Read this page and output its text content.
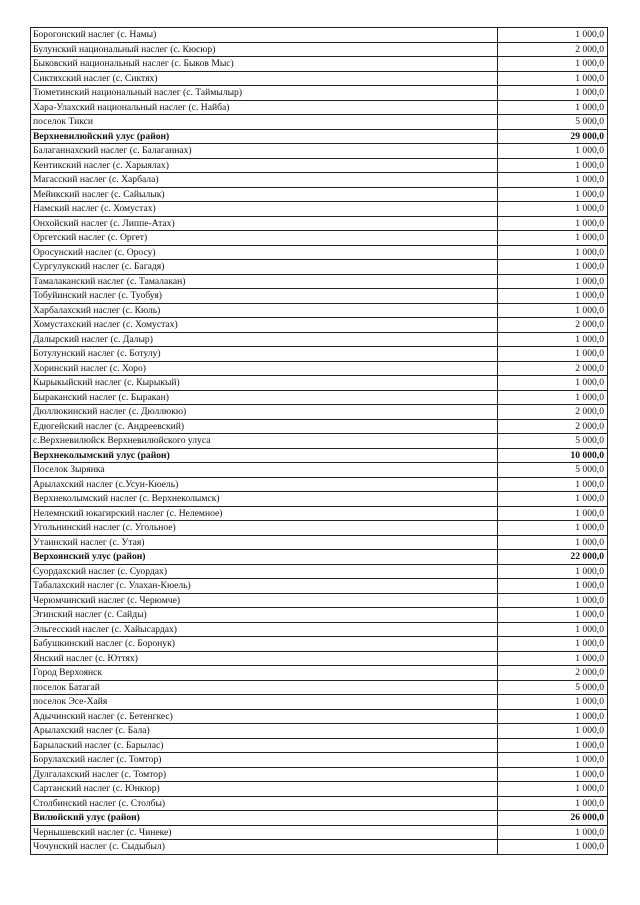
Борогонский наслег (с. Намы)	1 000,0
Булунский национальный наслег (с. Кюсюр)	2 000,0
Быковский национальный наслег (с. Быков Мыс)	1 000,0
Сиктяхский наслег (с. Сиктях)	1 000,0
Тюметинский национальный наслег (с. Таймылыр)	1 000,0
Хара-Улахский национальный наслег (с. Найба)	1 000,0
поселок Тикси	5 000,0
Верхневилюйский улус (район)	29 000,0
Балаганнахский наслег (с. Балаганнах)	1 000,0
Кентикский наслег (с. Харыялах)	1 000,0
Магасский наслег (с. Харбала)	1 000,0
Мейикский наслег (с. Сайылык)	1 000,0
Намский наслег (с. Хомустах)	1 000,0
Онхойский наслег (с. Липпе-Атах)	1 000,0
Оргетский наслег (с. Оргет)	1 000,0
Оросунский наслег (с. Оросу)	1 000,0
Сургулукский наслег (с. Багадя)	1 000,0
Тамалаканский наслег (с. Тамалакан)	1 000,0
Тобуйинский наслег (с. Туобуя)	1 000,0
Харбалахский наслег (с. Кюль)	1 000,0
Хомустахский наслег (с. Хомустах)	2 000,0
Далырский наслег (с. Далыр)	1 000,0
Ботулунский наслег (с. Ботулу)	1 000,0
Хоринский наслег (с. Хоро)	2 000,0
Кырыкыйский наслег (с. Кырыкый)	1 000,0
Быраканский наслег (с. Быракан)	1 000,0
Дюллюкинский наслег (с. Дюллюкю)	2 000,0
Едюгейский наслег (с. Андреевский)	2 000,0
с.Верхневилюйск Верхневилюйского улуса	5 000,0
Верхнеколымский улус (район)	10 000,0
Поселок Зырянка	5 000,0
Арылахский наслег (с.Усун-Кюель)	1 000,0
Верхнеколымский наслег (с. Верхнеколымск)	1 000,0
Нелемнский юкагирский наслег (с. Нелемное)	1 000,0
Угольнинский наслег (с. Угольное)	1 000,0
Утаинский наслег (с. Утая)	1 000,0
Верхоянский улус (район)	22 000,0
Суордахский наслег (с. Суордах)	1 000,0
Табалахский наслег (с. Улахан-Кюель)	1 000,0
Черюмчинский наслег (с. Черюмче)	1 000,0
Эгинский наслег (с. Сайды)	1 000,0
Эльгесский наслег (с. Хайысардах)	1 000,0
Бабушкинский наслег (с. Боронук)	1 000,0
Янский наслег (с. Юттях)	1 000,0
Город Верхоянск	2 000,0
поселок Батагай	5 000,0
поселок Эсе-Хайя	1 000,0
Адычинский наслег (с. Бетенгкес)	1 000,0
Арылахский наслег (с. Бала)	1 000,0
Барылаский наслег (с. Барылас)	1 000,0
Борулахский наслег (с. Томтор)	1 000,0
Дулгалахский наслег (с. Томтор)	1 000,0
Сартанский наслег (с. Юнкюр)	1 000,0
Столбинский наслег (с. Столбы)	1 000,0
Вилюйский улус (район)	26 000,0
Чернышевский наслег (с. Чинеке)	1 000,0
Чочунский наслег (с. Сыдыбыл)	1 000,0
